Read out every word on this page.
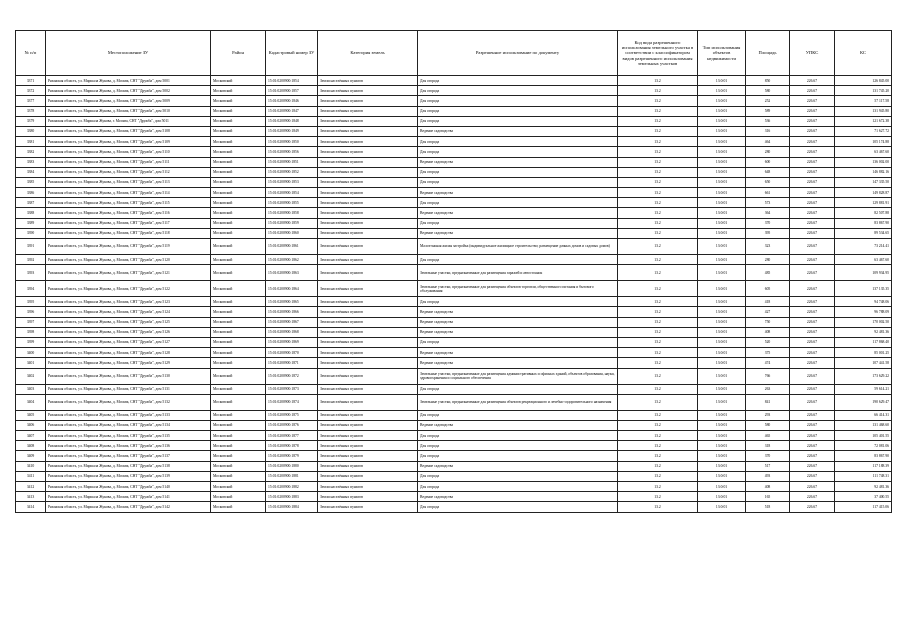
№ п/п	Местоположение ЗУ	Район	Кадастровый номер ЗУ	Категория земель	Разрешенное использование по документу	Код вида разрешенного использования земельного участка в соответствии с классификатором видов разрешенного использования земельных участков	Тип использования объектов недвижимости	Площадь	УПКС	КС
3371	Рязанская область, ул. Маршала Жукова, д. Москва, СНТ "Дружба", дом 5001	Московский	15:01:0200900:1854	Земли населённых пунктов	Для огорода	13.2	13:0:01	850	226.67	126 845.00
3372	Рязанская область, ул. Маршала Жукова, д. Москва, СНТ "Дружба", дом 5002	Московский	15:01:0200900:1857	Земли населённых пунктов	Для огорода	13.2	13:0:01	580	226.67	131 745.20
3377	Рязанская область, ул. Маршала Жукова, д. Москва, СНТ "Дружба", дом 5009	Московский	15:01:0200900:1846	Земли населённых пунктов	Для огорода	13.2	13:0:01	252	226.67	57 117.58
3378	Рязанская область, ул. Маршала Жукова, д. Москва, СНТ "Дружба", дом 5010	Московский	15:01:0200900:1847	Земли населённых пунктов	Для огорода	13.2	13:0:01	589	226.67	131 945.80
3379	Рязанская область, ул. Маршала Жукова, г. Москва, СНТ "Дружба", дом 5011	Московский	15:01:0200900:1848	Земли населённых пунктов	Для огорода	13.2	13:0:01	536	226.67	121 672.38
3380	Рязанская область, ул. Маршала Жукова, д. Москва, СНТ "Дружба", дом 5108	Московский	15:01:0200900:1849	Земли населённых пунктов	Ведение садоводства	13.2	13:0:01	316	226.67	71 627.72
3381	Рязанская область, ул. Маршала Жукова, д. Москва, СНТ "Дружба", дом 5109	Московский	15:01:0200900:1850	Земли населённых пунктов	Для огорода	13.2	13:0:01	464	226.67	105 174.88
3382	Рязанская область, ул. Маршала Жукова, д. Москва, СНТ "Дружба", дом 5110	Московский	15:01:0200900:1856	Земли населённых пунктов	Для огорода	13.2	13:0:01	280	226.67	63 467.60
3383	Рязанская область, ул. Маршала Жукова, д. Москва, СНТ "Дружба", дом 5111	Московский	15:01:0200900:1851	Земли населённых пунктов	Ведение садоводства	13.2	13:0:01	600	226.67	136 002.00
3384	Рязанская область, ул. Маршала Жукова, д. Москва, СНТ "Дружба", дом 5112	Московский	15:01:0200900:1852	Земли населённых пунктов	Для огорода	13.2	13:0:01	648	226.67	146 882.16
3385	Рязанская область, ул. Маршала Жукова, д. Москва, СНТ "Дружба", дом 5113	Московский	15:01:0200900:1853	Земли населённых пунктов	Для огорода	13.2	13:0:01	650	226.67	147 335.50
3386	Рязанская область, ул. Маршала Жукова, д. Москва, СНТ "Дружба", дом 5114	Московский	15:01:0200900:1854	Земли населённых пунктов	Ведение садоводства	13.2	13:0:01	661	226.67	149 828.87
3387	Рязанская область, ул. Маршала Жукова, д. Москва, СНТ "Дружба", дом 5115	Московский	15:01:0200900:1855	Земли населённых пунктов	Для огорода	13.2	13:0:01	573	226.67	129 881.91
3388	Рязанская область, ул. Маршала Жукова, д. Москва, СНТ "Дружба", дом 5116	Московский	15:01:0200900:1858	Земли населённых пунктов	Ведение садоводства	13.2	13:0:01	364	226.67	82 507.88
3389	Рязанская область, ул. Маршала Жукова, д. Москва, СНТ "Дружба", дом 5117	Московский	15:01:0200900:1859	Земли населённых пунктов	Для огорода	13.2	13:0:01	370	226.67	83 867.90
3390	Рязанская область, ул. Маршала Жукова, д. Москва, СНТ "Дружба", дом 5118	Московский	15:01:0200900:1860	Земли населённых пунктов	Ведение садоводства	13.2	13:0:01	395	226.67	89 534.65
3391	Рязанская область, ул. Маршала Жукова, д. Москва, СНТ "Дружба", дом 5119	Московский	15:01:0200900:1861	Земли населённых пунктов	Малоэтажная жилая застройка (индивидуальное жилищное строительство; размещение дачных домов и садовых домов)	13.2	13:0:01	323	226.67	73 214.41
3392	Рязанская область, ул. Маршала Жукова, д. Москва, СНТ "Дружба", дом 5120	Московский	15:01:0200900:1862	Земли населённых пунктов	Для огорода	13.2	13:0:01	280	226.67	63 467.60
3393	Рязанская область, ул. Маршала Жукова, д. Москва, СНТ "Дружба", дом 5121	Московский	15:01:0200900:1863	Земли населённых пунктов	Земельные участки, предназначенные для размещения гаражей и автостоянок	13.2	13:0:01	485	226.67	109 934.95
3394	Рязанская область, ул. Маршала Жукова, д. Москва, СНТ "Дружба", дом 5122	Московский	15:01:0200900:1864	Земли населённых пунктов	Земельные участки, предназначенные для размещения объектов торговли, общественного питания и бытового обслуживания	13.2	13:0:01	605	226.67	137 135.35
3395	Рязанская область, ул. Маршала Жукова, д. Москва, СНТ "Дружба", дом 5123	Московский	15:01:0200900:1865	Земли населённых пунктов	Для огорода	13.2	13:0:01	418	226.67	94 748.06
3396	Рязанская область, ул. Маршала Жукова, д. Москва, СНТ "Дружба", дом 5124	Московский	15:01:0200900:1866	Земли населённых пунктов	Ведение садоводства	13.2	13:0:01	427	226.67	96 788.09
3397	Рязанская область, ул. Маршала Жукова, д. Москва, СНТ "Дружба", дом 5125	Московский	15:01:0200900:1867	Земли населённых пунктов	Ведение садоводства	13.2	13:0:01	750	226.67	170 002.50
3398	Рязанская область, ул. Маршала Жукова, д. Москва, СНТ "Дружба", дом 5126	Московский	15:01:0200900:1868	Земли населённых пунктов	Ведение садоводства	13.2	13:0:01	408	226.67	92 481.36
3399	Рязанская область, ул. Маршала Жукова, д. Москва, СНТ "Дружба", дом 5127	Московский	15:01:0200900:1869	Земли населённых пунктов	Для огорода	13.2	13:0:01	520	226.67	117 868.40
3400	Рязанская область, ул. Маршала Жукова, д. Москва, СНТ "Дружба", дом 5128	Московский	15:01:0200900:1870	Земли населённых пунктов	Ведение садоводства	13.2	13:0:01	375	226.67	85 001.25
3401	Рязанская область, ул. Маршала Жукова, д. Москва, СНТ "Дружба", дом 5129	Московский	15:01:0200900:1871	Земли населённых пунктов	Ведение садоводства	13.2	13:0:01	474	226.67	107 441.58
3402	Рязанская область, ул. Маршала Жукова, д. Москва, СНТ "Дружба", дом 5130	Московский	15:01:0200900:1872	Земли населённых пунктов	Земельные участки, предназначенные для размещения административных и офисных зданий, объектов образования, науки, здравоохранения и социального обеспечения	13.2	13:0:01	766	226.67	173 629.22
3403	Рязанская область, ул. Маршала Жукова, д. Москва, СНТ "Дружба", дом 5131	Московский	15:01:0200900:1873	Земли населённых пунктов	Для огорода	13.2	13:0:01	263	226.67	59 614.21
3404	Рязанская область, ул. Маршала Жукова, д. Москва, СНТ "Дружба", дом 5132	Московский	15:01:0200900:1874	Земли населённых пунктов	Земельные участки, предназначенные для размещения объектов рекреационного и лечебно-оздоровительного назначения	13.2	13:0:01	841	226.67	190 629.47
3405	Рязанская область, ул. Маршала Жукова, д. Москва, СНТ "Дружба", дом 5133	Московский	15:01:0200900:1875	Земли населённых пунктов	Для огорода	13.2	13:0:01	293	226.67	66 414.31
3406	Рязанская область, ул. Маршала Жукова, д. Москва, СНТ "Дружба", дом 5134	Московский	15:01:0200900:1876	Земли населённых пунктов	Ведение садоводства	13.2	13:0:01	580	226.67	131 468.60
3407	Рязанская область, ул. Маршала Жукова, д. Москва, СНТ "Дружба", дом 5135	Московский	15:01:0200900:1877	Земли населённых пунктов	Для огорода	13.2	13:0:01	465	226.67	105 401.55
3408	Рязанская область, ул. Маршала Жукова, д. Москва, СНТ "Дружба", дом 5136	Московский	15:01:0200900:1878	Земли населённых пунктов	Для огорода	13.2	13:0:01	318	226.67	72 081.06
3409	Рязанская область, ул. Маршала Жукова, д. Москва, СНТ "Дружба", дом 5137	Московский	15:01:0200900:1879	Земли населённых пунктов	Для огорода	13.2	13:0:01	370	226.67	83 867.90
3410	Рязанская область, ул. Маршала Жукова, д. Москва, СНТ "Дружба", дом 5138	Московский	15:01:0200900:1880	Земли населённых пунктов	Ведение садоводства	13.2	13:0:01	517	226.67	117 188.39
3411	Рязанская область, ул. Маршала Жукова, д. Москва, СНТ "Дружба", дом 5139	Московский	15:01:0200900:1881	Земли населённых пунктов	Для огорода	13.2	13:0:01	493	226.67	111 748.31
3412	Рязанская область, ул. Маршала Жукова, д. Москва, СНТ "Дружба", дом 5140	Московский	15:01:0200900:1882	Земли населённых пунктов	Для огорода	13.2	13:0:01	408	226.67	92 481.36
3413	Рязанская область, ул. Маршала Жукова, д. Москва, СНТ "Дружба", дом 5141	Московский	15:01:0200900:1883	Земли населённых пунктов	Ведение садоводства	13.2	13:0:01	165	226.67	37 400.55
3414	Рязанская область, ул. Маршала Жукова, д. Москва, СНТ "Дружба", дом 5142	Московский	15:01:0200900:1884	Земли населённых пунктов	Для огорода	13.2	13:0:01	518	226.67	117 415.06
